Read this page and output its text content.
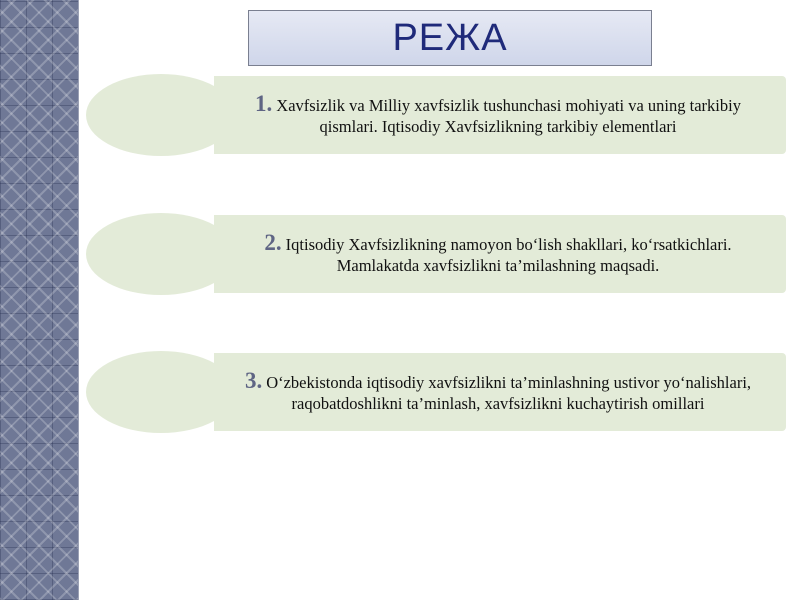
РЕЖА

1. Xavfsizlik va Milliy xavfsizlik tushunchasi mohiyati va uning tarkibiy qismlari. Iqtisodiy Xavfsizlikning tarkibiy elementlari

2. Iqtisodiy Xavfsizlikning namoyon bo‘lish shakllari, ko‘rsatkichlari. Mamlakatda xavfsizlikni ta’milashning maqsadi.

3. O‘zbekistonda iqtisodiy xavfsizlikni ta’minlashning ustivor yo‘nalishlari, raqobatdoshlikni ta’minlash, xavfsizlikni kuchaytirish omillari
